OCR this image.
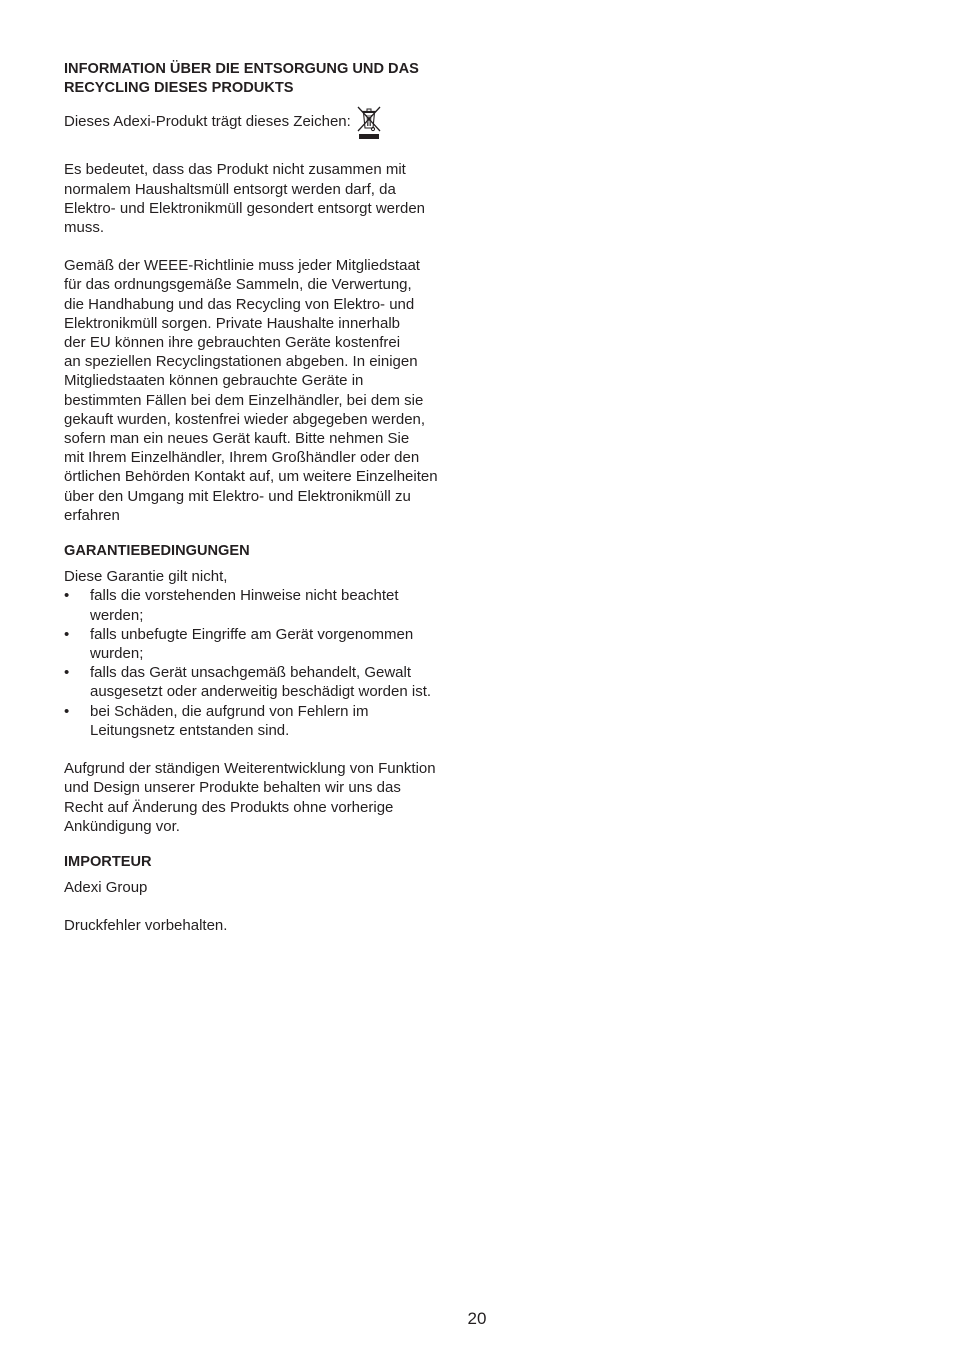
INFORMATION ÜBER DIE ENTSORGUNG UND DAS
RECYCLING DIESES PRODUKTS

Dieses Adexi-Produkt trägt dieses Zeichen:

Es bedeutet, dass das Produkt nicht zusammen mit
normalem Haushaltsmüll entsorgt werden darf, da
Elektro- und Elektronikmüll gesondert entsorgt werden
muss.

Gemäß der WEEE-Richtlinie muss jeder Mitgliedstaat
für das ordnungsgemäße Sammeln, die Verwertung,
die Handhabung und das Recycling von Elektro- und
Elektronikmüll sorgen. Private Haushalte innerhalb
der EU können ihre gebrauchten Geräte kostenfrei
an speziellen Recyclingstationen abgeben. In einigen
Mitgliedstaaten können gebrauchte Geräte in
bestimmten Fällen bei dem Einzelhändler, bei dem sie
gekauft wurden, kostenfrei wieder abgegeben werden,
sofern man ein neues Gerät kauft. Bitte nehmen Sie
mit Ihrem Einzelhändler, Ihrem Großhändler oder den
örtlichen Behörden Kontakt auf, um weitere Einzelheiten
über den Umgang mit Elektro- und Elektronikmüll zu
erfahren

GARANTIEBEDINGUNGEN

Diese Garantie gilt nicht,

• falls die vorstehenden Hinweise nicht beachtet
werden;
• falls unbefugte Eingriffe am Gerät vorgenommen
wurden;
• falls das Gerät unsachgemäß behandelt, Gewalt
ausgesetzt oder anderweitig beschädigt worden ist.
• bei Schäden, die aufgrund von Fehlern im
Leitungsnetz entstanden sind.

Aufgrund der ständigen Weiterentwicklung von Funktion
und Design unserer Produkte behalten wir uns das
Recht auf Änderung des Produkts ohne vorherige
Ankündigung vor.

IMPORTEUR

Adexi Group

Druckfehler vorbehalten.

20
